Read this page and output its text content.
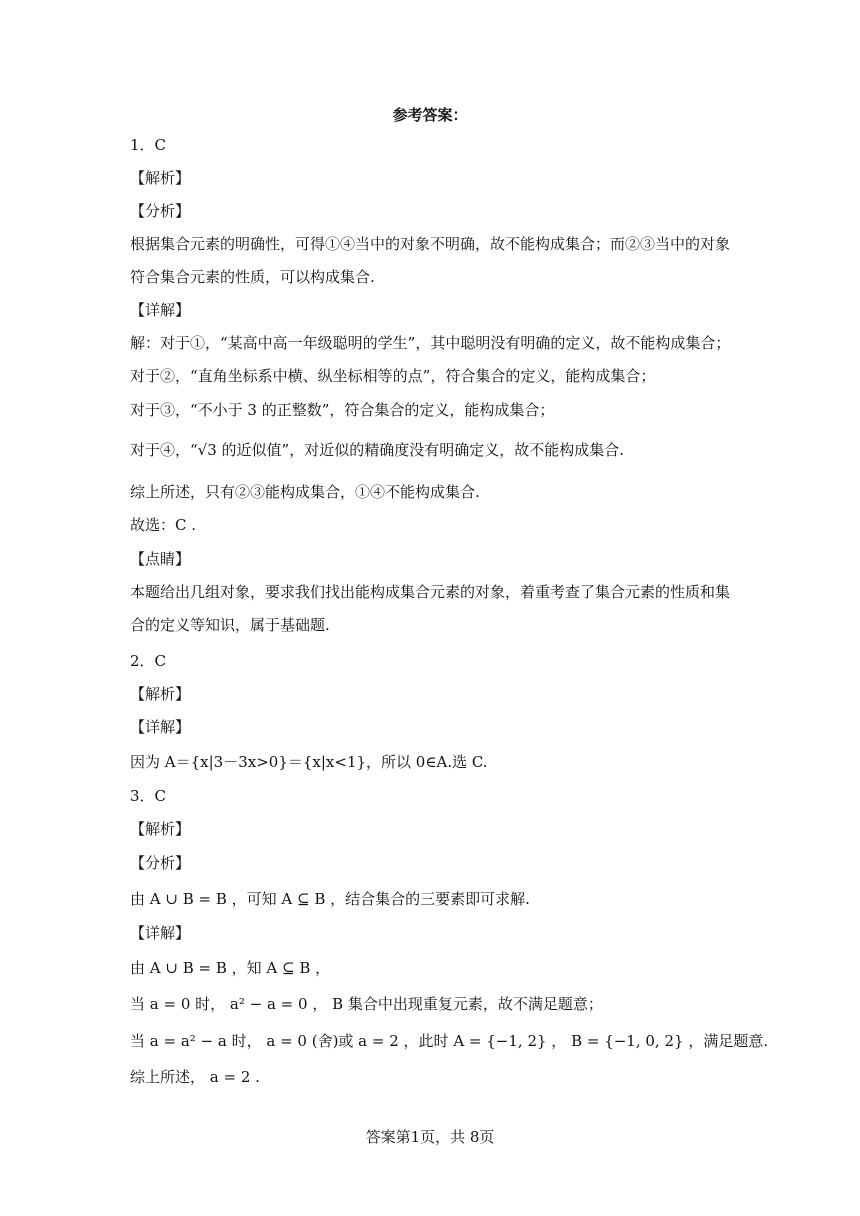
参考答案：
1．C
【解析】
【分析】
根据集合元素的明确性，可得①④当中的对象不明确，故不能构成集合；而②③当中的对象
符合集合元素的性质，可以构成集合.
【详解】
解：对于①，“某高中高一年级聪明的学生”，其中聪明没有明确的定义，故不能构成集合；
对于②，“直角坐标系中横、纵坐标相等的点”，符合集合的定义，能构成集合；
对于③，“不小于 3 的正整数”，符合集合的定义，能构成集合；
对于④，“√3 的近似值”，对近似的精确度没有明确定义，故不能构成集合.
综上所述，只有②③能构成集合，①④不能构成集合.
故选：C .
【点睛】
本题给出几组对象，要求我们找出能构成集合元素的对象，着重考查了集合元素的性质和集
合的定义等知识，属于基础题.
2．C
【解析】
【详解】
因为 A＝{x|3－3x>0}＝{x|x<1}，所以 0∈A.选 C.
3．C
【解析】
【分析】
由 A ∪ B = B ，可知 A ⊆ B ，结合集合的三要素即可求解.
【详解】
由 A ∪ B = B ，知 A ⊆ B ，
当 a = 0 时， a² − a = 0 ， B 集合中出现重复元素，故不满足题意；
当 a = a² − a 时， a = 0 (舍)或 a = 2 ，此时 A = {−1, 2} ， B = {−1, 0, 2} ，满足题意.
综上所述， a = 2 .
答案第1页，共 8页
